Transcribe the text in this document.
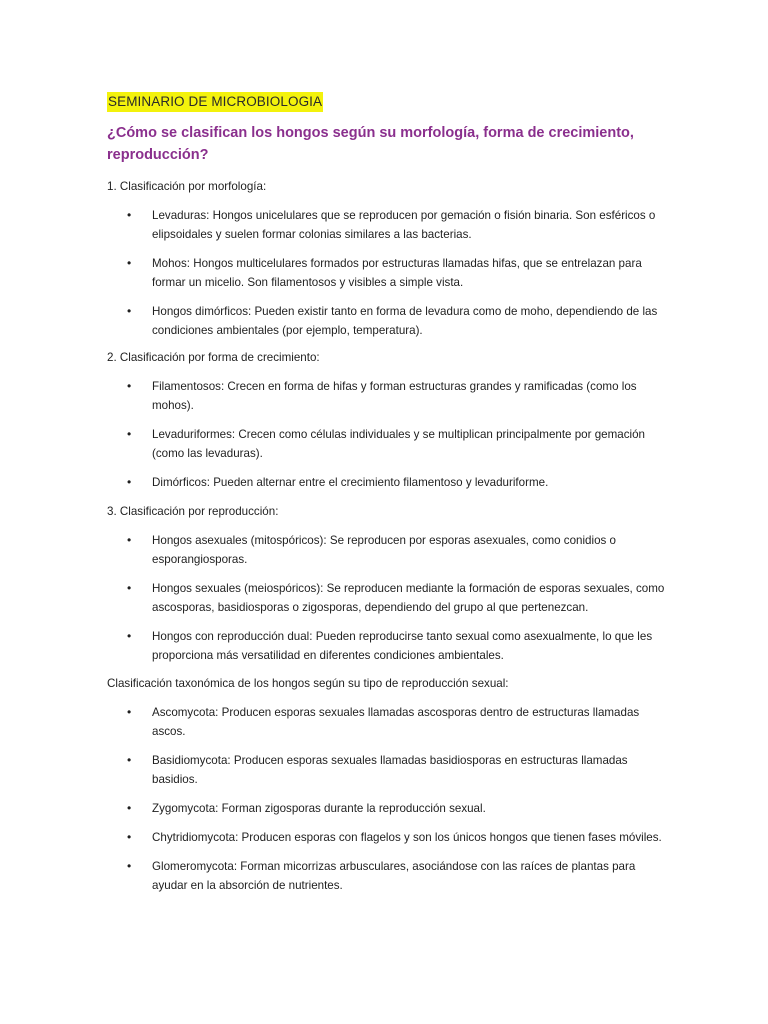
SEMINARIO DE MICROBIOLOGIA
¿Cómo se clasifican los hongos según su morfología, forma de crecimiento, reproducción?
1. Clasificación por morfología:
• Levaduras: Hongos unicelulares que se reproducen por gemación o fisión binaria. Son esféricos o elipsoidales y suelen formar colonias similares a las bacterias.
• Mohos: Hongos multicelulares formados por estructuras llamadas hifas, que se entrelazan para formar un micelio. Son filamentosos y visibles a simple vista.
• Hongos dimórficos: Pueden existir tanto en forma de levadura como de moho, dependiendo de las condiciones ambientales (por ejemplo, temperatura).
2. Clasificación por forma de crecimiento:
• Filamentosos: Crecen en forma de hifas y forman estructuras grandes y ramificadas (como los mohos).
• Levaduriformes: Crecen como células individuales y se multiplican principalmente por gemación (como las levaduras).
• Dimórficos: Pueden alternar entre el crecimiento filamentoso y levaduriforme.
3. Clasificación por reproducción:
• Hongos asexuales (mitospóricos): Se reproducen por esporas asexuales, como conidios o esporangiosporas.
• Hongos sexuales (meiospóricos): Se reproducen mediante la formación de esporas sexuales, como ascosporas, basidiosporas o zigosporas, dependiendo del grupo al que pertenezcan.
• Hongos con reproducción dual: Pueden reproducirse tanto sexual como asexualmente, lo que les proporciona más versatilidad en diferentes condiciones ambientales.
Clasificación taxonómica de los hongos según su tipo de reproducción sexual:
• Ascomycota: Producen esporas sexuales llamadas ascosporas dentro de estructuras llamadas ascos.
• Basidiomycota: Producen esporas sexuales llamadas basidiosporas en estructuras llamadas basidios.
• Zygomycota: Forman zigosporas durante la reproducción sexual.
• Chytridiomycota: Producen esporas con flagelos y son los únicos hongos que tienen fases móviles.
• Glomeromycota: Forman micorrizas arbusculares, asociándose con las raíces de plantas para ayudar en la absorción de nutrientes.
